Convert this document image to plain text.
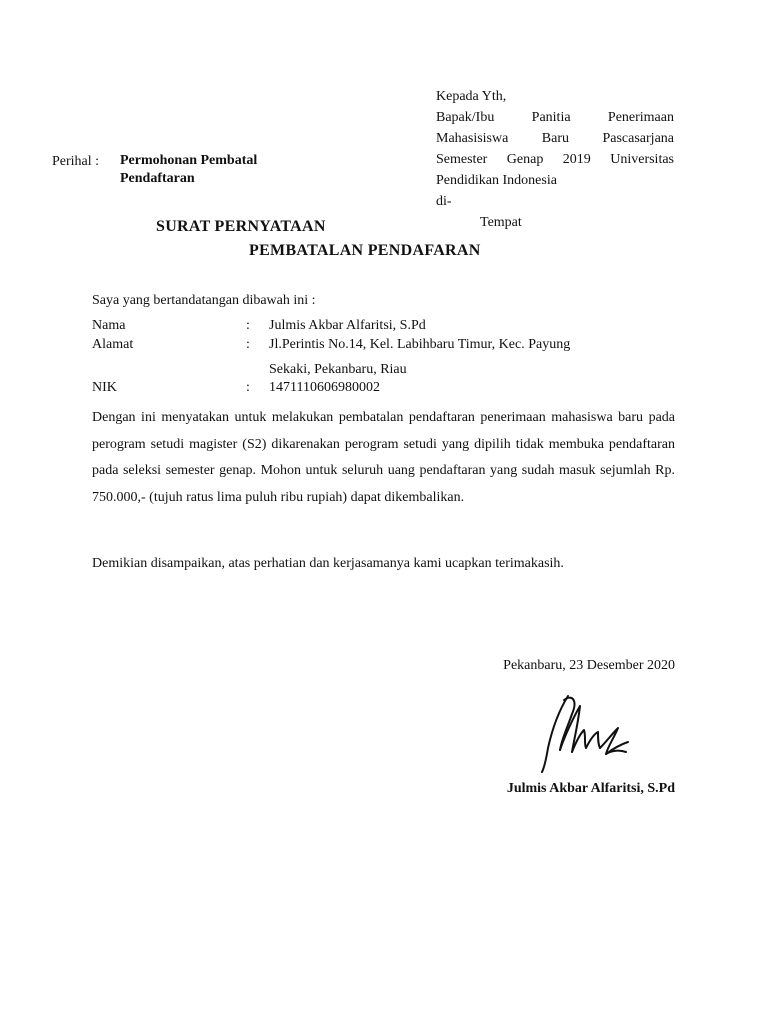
Kepada Yth,
Bapak/Ibu Panitia Penerimaan
Mahasisiswa Baru Pascasarjana
Semester Genap 2019 Universitas
Pendidikan Indonesia
di-
Tempat
Perihal : Permohonan Pembatal
Pendaftaran
SURAT PERNYATAAN
PEMBATALAN PENDAFARAN
Saya yang bertandatangan dibawah ini :
Nama	: Julmis Akbar Alfaritsi, S.Pd
Alamat	: Jl.Perintis No.14, Kel. Labihbaru Timur, Kec. Payung
Sekaki, Pekanbaru, Riau
NIK	: 1471110606980002
Dengan ini menyatakan untuk melakukan pembatalan pendaftaran penerimaan mahasiswa baru pada perogram setudi magister (S2) dikarenakan perogram setudi yang dipilih tidak membuka pendaftaran pada seleksi semester genap. Mohon untuk seluruh uang pendaftaran yang sudah masuk sejumlah Rp. 750.000,- (tujuh ratus lima puluh ribu rupiah) dapat dikembalikan.
Demikian disampaikan, atas perhatian dan kerjasamanya kami ucapkan terimakasih.
Pekanbaru, 23 Desember 2020
Julmis Akbar Alfaritsi, S.Pd
